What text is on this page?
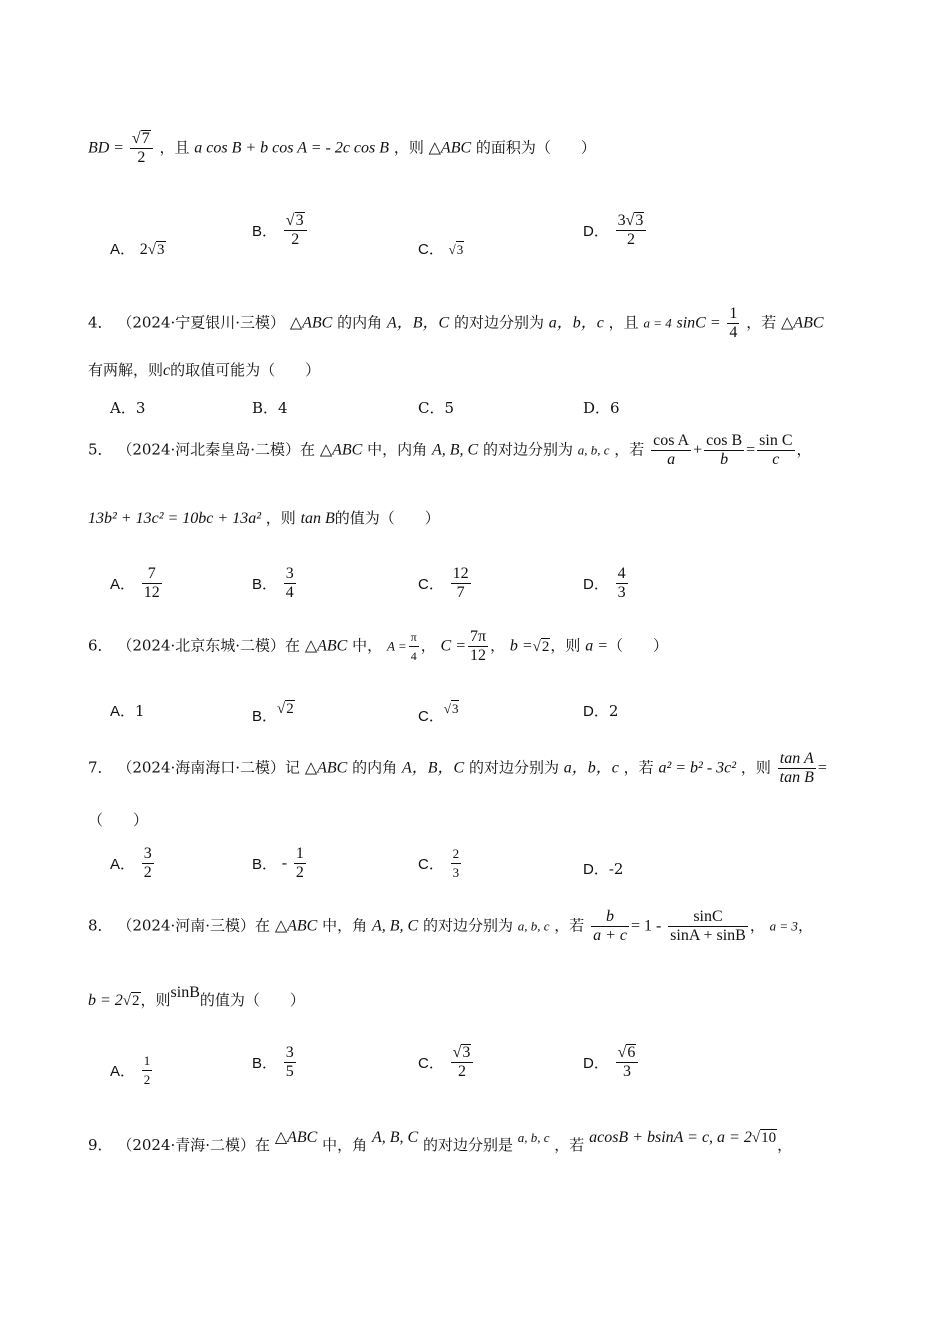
BD = $\frac{√7}{2}$ ，且 a cos B + b cos A = - 2c cos B ，则 △ABC 的面积为（　　）
A． 2√3
B． $\frac{√3}{2}$
C． √3
D． $\frac{3√3}{2}$
4． （2024·宁夏银川·三模） △ABC 的内角 A，B，C 的对边分别为 a，b，c ，且 a = 4 $\sin C = \frac{1}{4}$ ，若 △ABC
有两解，则c的取值可能为（　　）
A．3	B．4	C．5	D．6
5． （2024·河北秦皇岛·二模）在 △ABC 中，内角 A, B, C 的对边分别为 a, b, c ，若 $\frac{\text{cos A}}{a} + \frac{\text{cos B}}{b} = \frac{\text{sin C}}{c}$ ，
13b² + 13c² = 10bc + 13a² ，则 tan B的值为（　　）
A． $\frac{7}{12}$	B． $\frac{3}{4}$	C． $\frac{12}{7}$	D． $\frac{4}{3}$
6． （2024·北京东城·二模）在 △ABC 中， $A = \frac{\pi}{4}$ ， $C = \frac{7\pi}{12}$ ， b =√2，则 a =（　　）
A．1	B．√2	C．√3	D．2
7． （2024·海南海口·二模）记 △ABC 的内角 A，B，C 的对边分别为 a，b，c ，若 a² = b² - 3c² ，则 $\frac{\text{tan A}}{\text{tan B}}$ =
（　　）
A． $\frac{3}{2}$	B． - $\frac{1}{2}$	C． $\frac{2}{3}$	D．-2
8． （2024·河南·三模）在 △ABC 中，角 A, B, C 的对边分别为 a, b, c ，若 $\frac{b}{a + c} = 1 - \frac{\sin C}{\sin A + \sin B}$ ， a = 3，
b = 2√2，则sinB的值为（　　）
A． $\frac{1}{2}$	B． $\frac{3}{5}$	C． $\frac{√3}{2}$	D． $\frac{√6}{3}$
9． （2024·青海·二模）在 △ABC 中，角 A, B, C 的对边分别是 a, b, c ，若 acosB + bsinA = c, a = 2√10，
